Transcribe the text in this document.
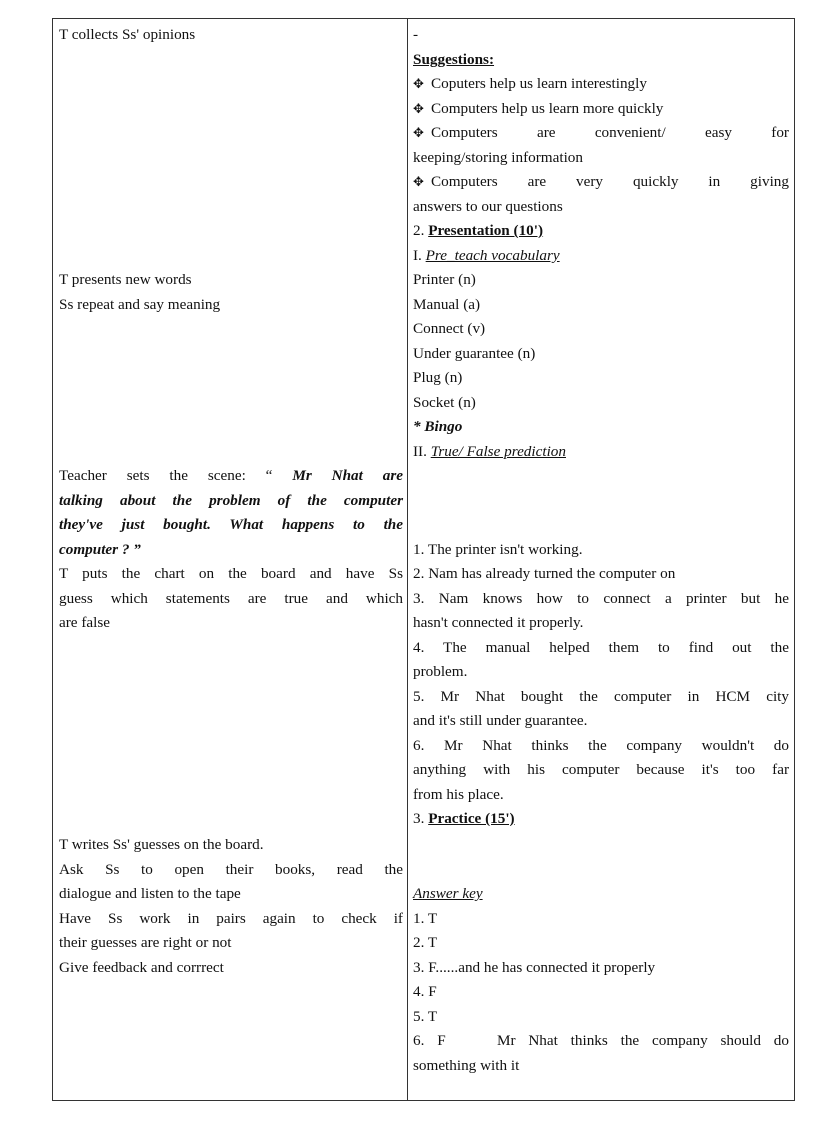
T collects Ss' opinions
T presents new words
Ss repeat and say meaning
Teacher sets the scene: “ Mr Nhat are
talking about the problem of the computer
they've just bought. What happens to the
computer ? ”
T puts the chart on the board and have Ss
guess which statements are true and which
are false
T writes Ss' guesses on the board.
Ask Ss to open their books, read the
dialogue and listen to the tape
Have Ss work in pairs again to check if
their guesses are right or not
Give feedback and corrrect
-
Suggestions:
✥ Coputers help us learn interestingly
✥ Computers help us learn more quickly
✥ Computers are convenient/ easy for
keeping/storing information
✥ Computers are very quickly in giving
answers to our questions
2. Presentation (10')
I. Pre_teach vocabulary
Printer (n)
Manual (a)
Connect (v)
Under guarantee (n)
Plug (n)
Socket (n)
* Bingo
II. True/ False prediction
1. The printer isn't working.
2. Nam has already turned the computer on
3. Nam knows how to connect a printer but he
hasn't connected it properly.
4. The manual helped them to find out the
problem.
5. Mr Nhat bought the computer in HCM city
and it's still under guarantee.
6. Mr Nhat thinks the company wouldn't do
anything with his computer because it's too far
from his place.
3. Practice (15')
Answer key
1. T
2. T
3. F......and he has connected it properly
4. F
5. T
6. F    Mr Nhat thinks the company should do
something with it
